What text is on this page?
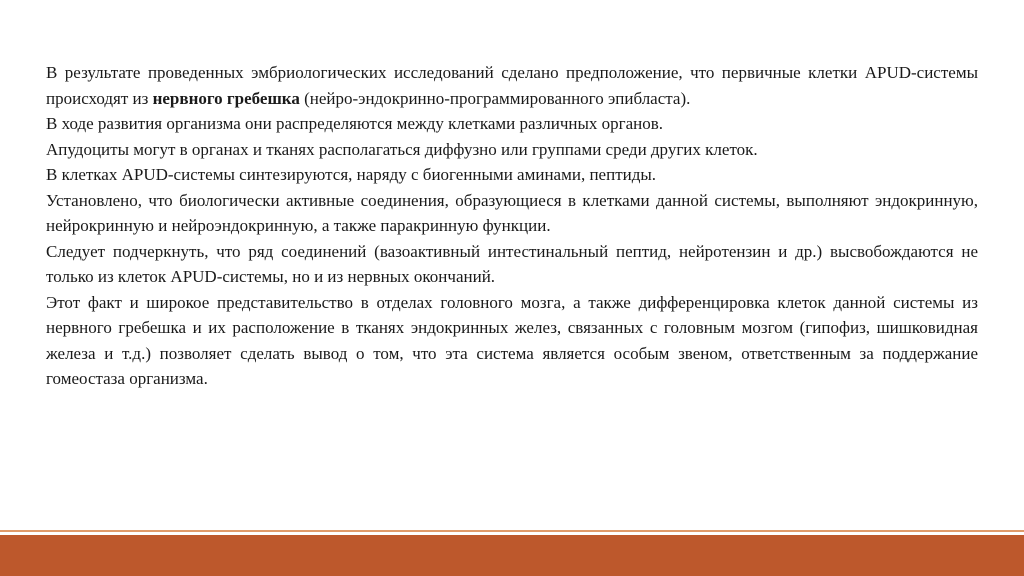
В результате проведенных эмбриологических исследований сделано предположение, что первичные клетки APUD-системы происходят из нервного гребешка (нейро-эндокринно-программированного эпибласта).

В ходе развития организма они распределяются между клетками различных органов.

Апудоциты могут в органах и тканях располагаться диффузно или группами среди других клеток.

В клетках APUD-системы синтезируются, наряду с биогенными аминами, пептиды.

Установлено, что биологически активные соединения, образующиеся в клетками данной системы, выполняют эндокринную, нейрокринную и нейроэндокринную, а также паракринную функции.

Следует подчеркнуть, что ряд соединений (вазоактивный интестинальный пептид, нейротензин и др.) высвобождаются не только из клеток APUD-системы, но и из нервных окончаний.

Этот факт и широкое представительство в отделах головного мозга, а также дифференцировка клеток данной системы из нервного гребешка и их расположение в тканях эндокринных желез, связанных с головным мозгом (гипофиз, шишковидная железа и т.д.) позволяет сделать вывод о том, что эта система является особым звеном, ответственным за поддержание гомеостаза организма.
